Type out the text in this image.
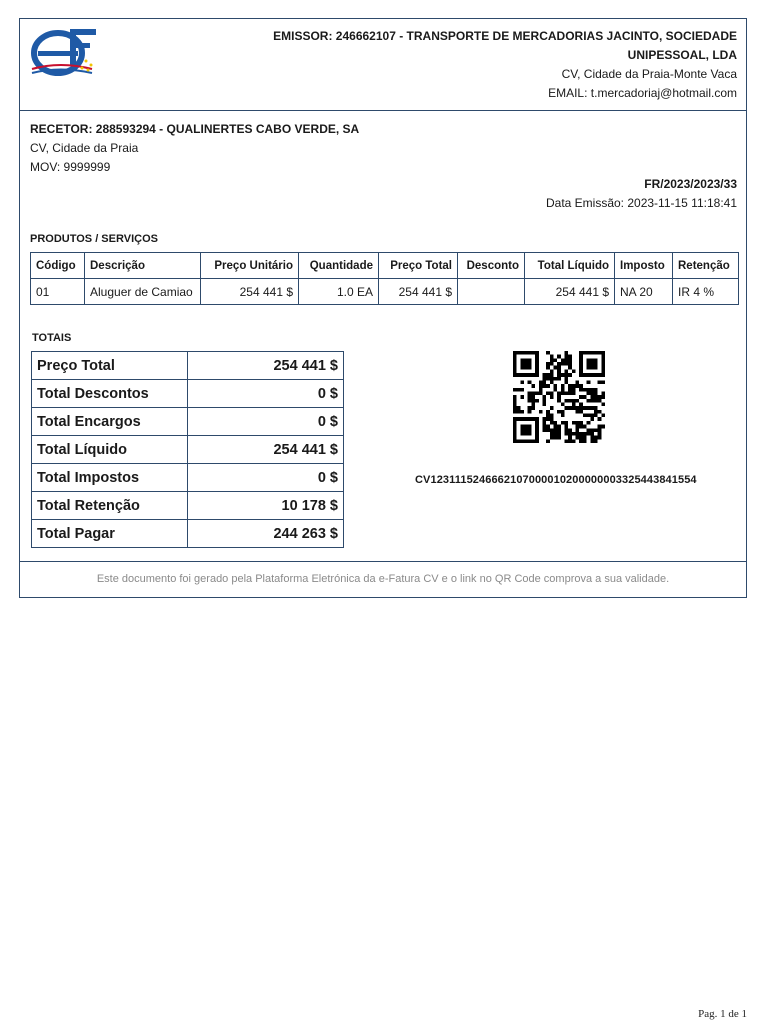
EMISSOR: 246662107 - TRANSPORTE DE MERCADORIAS JACINTO, SOCIEDADE
UNIPESSOAL, LDA
CV, Cidade da Praia-Monte Vaca
EMAIL: t.mercadoriaj@hotmail.com
RECETOR: 288593294 - QUALINERTES CABO VERDE, SA
CV, Cidade da Praia
MOV: 9999999
FR/2023/2023/33
Data Emissão: 2023-11-15 11:18:41
PRODUTOS / SERVIÇOS
Código	Descrição	Preço Unitário	Quantidade	Preço Total	Desconto	Total Líquido	Imposto	Retenção
01	Aluguer de Camiao	254 441 $	1.0 EA	254 441 $		254 441 $	NA 20	IR 4 %
TOTAIS
Preço Total	254 441 $
Total Descontos	0 $
Total Encargos	0 $
Total Líquido	254 441 $
Total Impostos	0 $
Total Retenção	10 178 $
Total Pagar	244 263 $
CV1231115246662107000010200000003325443841554
Este documento foi gerado pela Plataforma Eletrónica da e-Fatura CV e o link no QR Code comprova a sua validade.
Pag. 1 de 1
